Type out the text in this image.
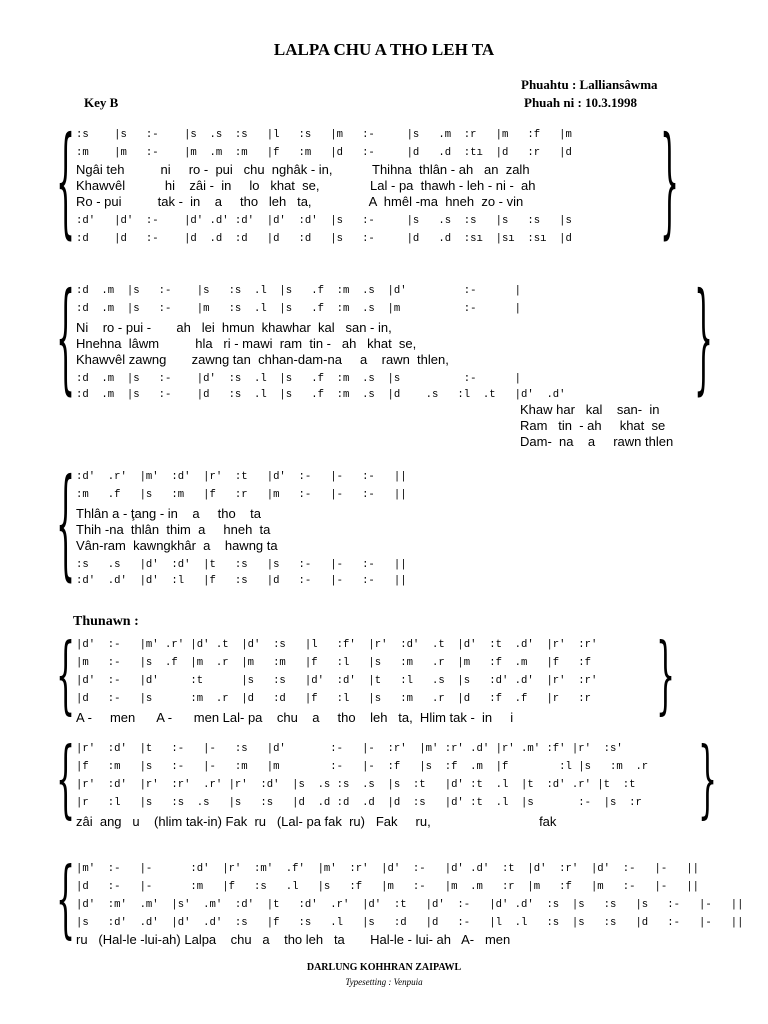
LALPA CHU A THO LEH TA
Phuahtu : Lalliansâwma
Key B	Phuah ni : 10.3.1998
{	}
:s    |s   :-    |s  .s  :s   |l   :s   |m   :-     |s   .m  :r   |m   :f   |m
:m    |m   :-    |m  .m  :m   |f   :m   |d   :-     |d   .d  :tı  |d   :r   |d
Ngâi teh          ni     ro -  pui   chu  nghâk - in,           Thihna  thlân - ah   an  zalh
Khawvêl           hi    zâi -  in     lo   khat  se,              Lal - pa  thawh - leh - ni -  ah
Ro - pui          tak -  in    a     tho   leh   ta,                A  hmêl -ma  hneh  zo - vin
:d'   |d'  :-    |d' .d' :d'  |d'  :d'  |s   :-     |s   .s  :s   |s   :s   |s
:d    |d   :-    |d  .d  :d   |d   :d   |s   :-     |d   .d  :sı  |sı  :sı  |d
{	}
:d  .m  |s   :-    |s   :s  .l  |s   .f  :m  .s  |d'         :-      |
:d  .m  |s   :-    |m   :s  .l  |s   .f  :m  .s  |m          :-      |
Ni    ro - pui -       ah   lei  hmun  khawhar  kal   san - in,
Hnehna  lâwm          hla   ri - mawi  ram  tin -   ah   khat  se,
Khawvêl zawng       zawng tan  chhan-dam-na     a    rawn  thlen,
:d  .m  |s   :-    |d'  :s  .l  |s   .f  :m  .s  |s          :-      |
:d  .m  |s   :-    |d   :s  .l  |s   .f  :m  .s  |d    .s   :l  .t   |d'  .d'
Khaw har   kal    san-  in
Ram   tin  - ah     khat  se
Dam-  na    a     rawn thlen
{ :d'  .r'  |m'  :d'  |r'  :t   |d'  :-   |-   :-   ||
:m   .f   |s   :m   |f   :r   |m   :-   |-   :-   ||
Thlân a - ţang - in    a     tho    ta
Thih -na  thlân  thim  a     hneh  ta
Vân-ram  kawngkhâr  a    hawng ta
:s   .s   |d'  :d'  |t   :s   |s   :-   |-   :-   ||
:d'  .d'  |d'  :l   |f   :s   |d   :-   |-   :-   ||
Thunawn :
{	}
|d'  :-   |m' .r' |d' .t  |d'  :s   |l   :f'  |r'  :d'  .t  |d'  :t  .d'  |r'  :r'
|m   :-   |s  .f  |m  .r  |m   :m   |f   :l   |s   :m   .r  |m   :f  .m   |f   :f
|d'  :-   |d'     :t      |s   :s   |d'  :d'  |t   :l   .s  |s   :d' .d'  |r'  :r'
|d   :-   |s      :m  .r  |d   :d   |f   :l   |s   :m   .r  |d   :f  .f   |r   :r
A -     men      A -      men Lal- pa    chu    a     tho    leh   ta,  Hlim tak -  in     i
{	}
|r'  :d'  |t   :-   |-   :s   |d'       :-   |-  :r'  |m' :r' .d' |r' .m' :f' |r'  :s'
|f   :m   |s   :-   |-   :m   |m        :-   |-  :f   |s  :f  .m  |f        :l |s   :m  .r
|r'  :d'  |r'  :r'  .r' |r'  :d'  |s  .s :s  .s  |s  :t   |d' :t  .l  |t  :d' .r' |t  :t
|r   :l   |s   :s  .s   |s   :s   |d  .d :d  .d  |d  :s   |d' :t  .l  |s       :-  |s  :r
zâi  ang   u    (hlim tak-in) Fak  ru   (Lal- pa fak  ru)   Fak     ru,                              fak
{ |m'  :-   |-      :d'  |r'  :m'  .f'  |m'  :r'  |d'  :-   |d' .d'  :t  |d'  :r'  |d'  :-   |-   ||
|d   :-   |-      :m   |f   :s   .l   |s   :f   |m   :-   |m  .m   :r  |m   :f   |m   :-   |-   ||
|d'  :m'  .m'  |s'  .m'  :d'  |t   :d'  .r'  |d'  :t   |d'  :-   |d' .d'  :s  |s   :s   |s   :-   |-   ||
|s   :d'  .d'  |d'  .d'  :s   |f   :s   .l   |s   :d   |d   :-   |l  .l   :s  |s   :s   |d   :-   |-   ||
ru   (Hal-le -lui-ah) Lalpa    chu   a    tho leh   ta       Hal-le - lui- ah   A-   men
DARLUNG KOHHRAN ZAIPAWL
Typesetting : Venpuia
